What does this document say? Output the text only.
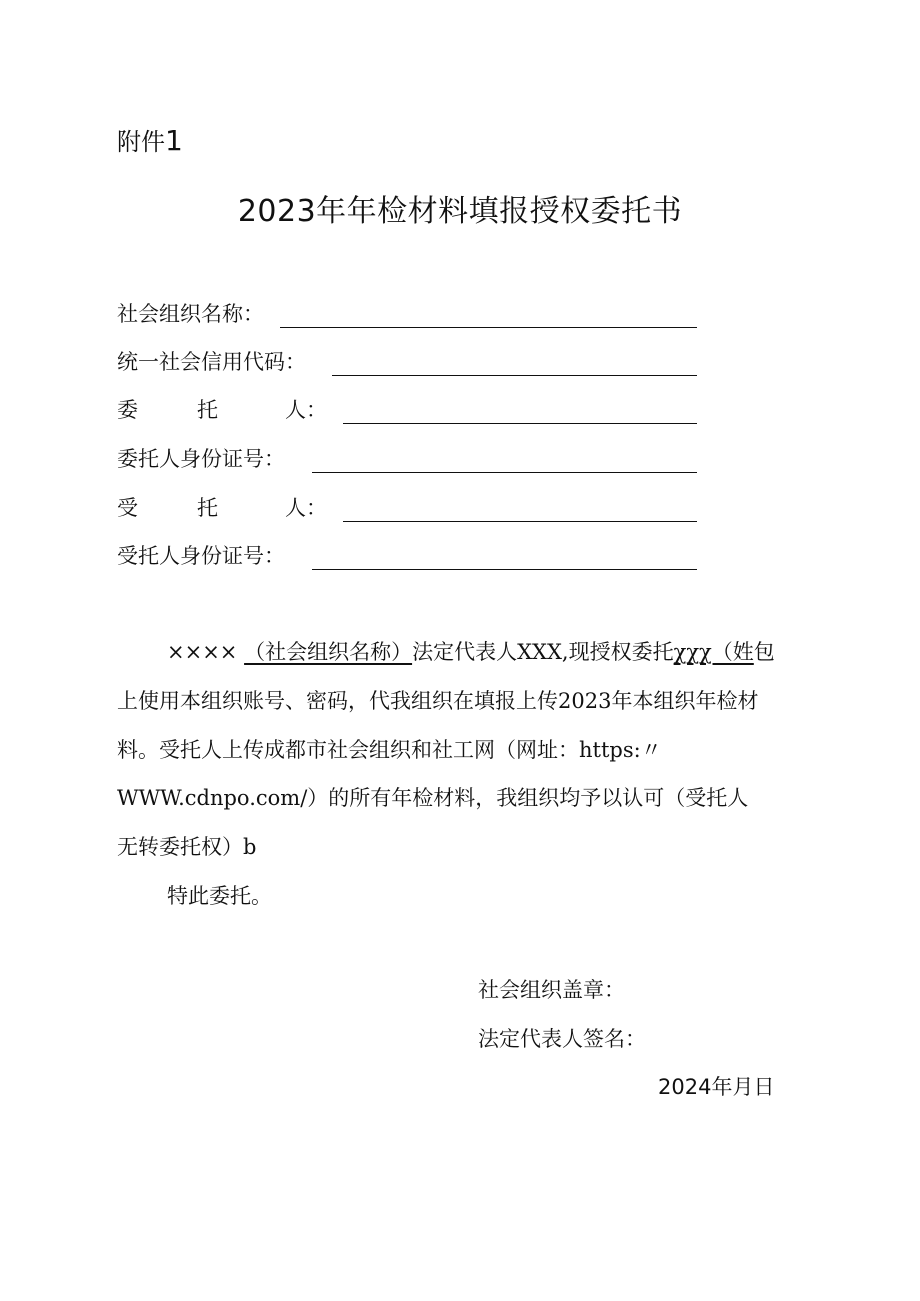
附件1
2023年年检材料填报授权委托书
社会组织名称：
统一社会信用代码：
委	托	人：
委托人身份证号：
受	托	人：
受托人身份证号：
×××× （社会组织名称）法定代表人XXX,现授权委托χχχ（姓包
上使用本组织账号、密码，代我组织在填报上传2023年本组织年检材
料。受托人上传成都市社会组织和社工网（网址：https:〃
WWW.cdnpo.com/）的所有年检材料，我组织均予以认可（受托人
无转委托权）b
特此委托。
社会组织盖章：
法定代表人签名：
2024年月日
